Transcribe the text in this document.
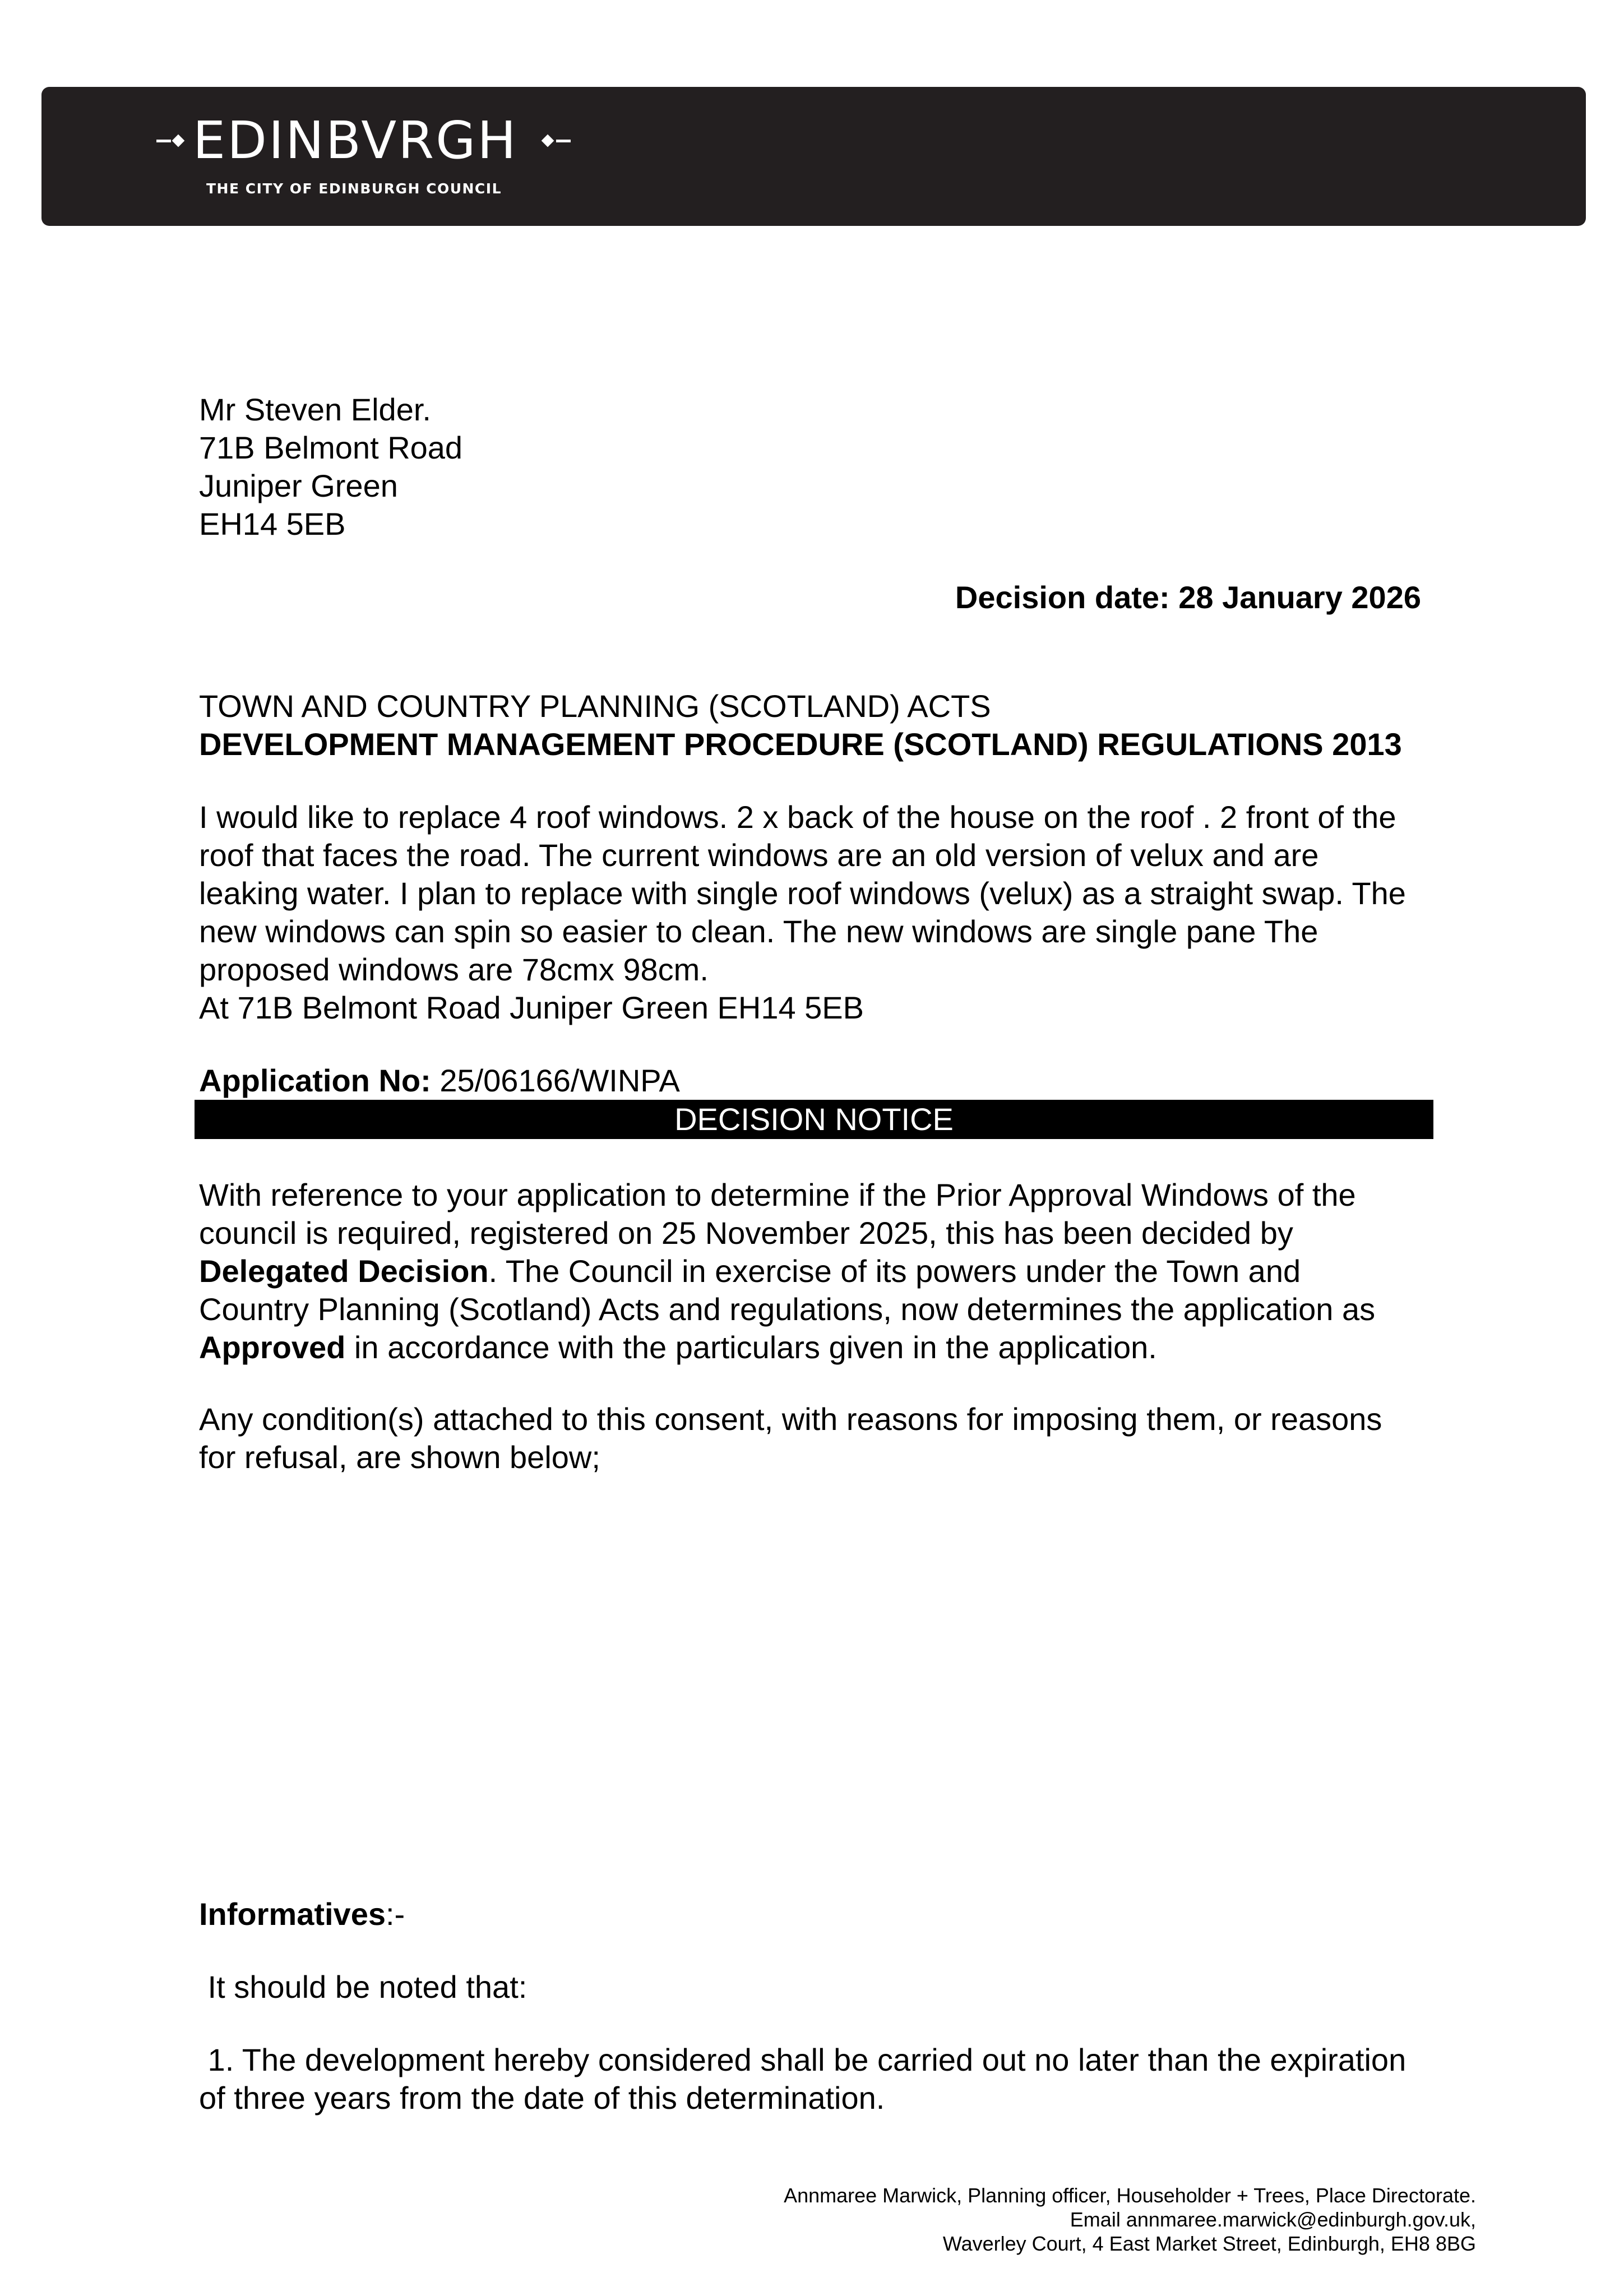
EDINBVRGH
THE CITY OF EDINBURGH COUNCIL
Mr Steven Elder.
71B Belmont Road
Juniper Green
EH14 5EB
Decision date: 28 January 2026
TOWN AND COUNTRY PLANNING (SCOTLAND) ACTS
DEVELOPMENT MANAGEMENT PROCEDURE (SCOTLAND) REGULATIONS 2013
I would like to replace 4 roof windows. 2 x back of the house on the roof . 2 front of the
roof that faces the road. The current windows are an old version of velux and are
leaking water. I plan to replace with single roof windows (velux) as a straight swap. The
new windows can spin so easier to clean. The new windows are single pane The
proposed windows are 78cmx 98cm.
At 71B Belmont Road Juniper Green EH14 5EB
Application No: 25/06166/WINPA
DECISION NOTICE
With reference to your application to determine if the Prior Approval Windows of the
council is required, registered on 25 November 2025, this has been decided by
Delegated Decision. The Council in exercise of its powers under the Town and
Country Planning (Scotland) Acts and regulations, now determines the application as
Approved in accordance with the particulars given in the application.
Any condition(s) attached to this consent, with reasons for imposing them, or reasons
for refusal, are shown below;
Informatives:-
It should be noted that:
1. The development hereby considered shall be carried out no later than the expiration
of three years from the date of this determination.
Annmaree Marwick, Planning officer, Householder + Trees, Place Directorate.
Email annmaree.marwick@edinburgh.gov.uk,
Waverley Court, 4 East Market Street, Edinburgh, EH8 8BG
